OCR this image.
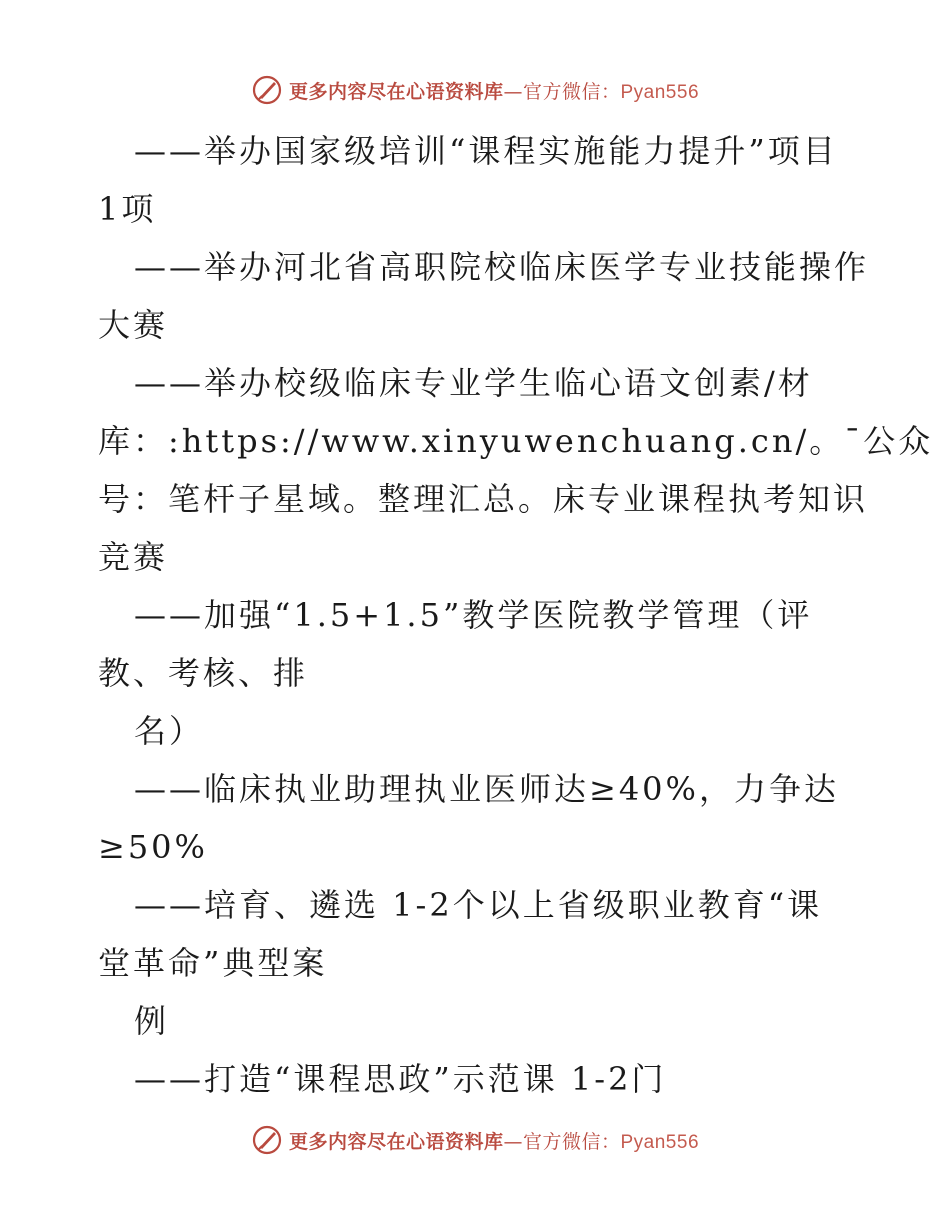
更多内容尽在心语资料库—官方微信：Pyan556
——举办国家级培训“课程实施能力提升”项目
1项
——举办河北省高职院校临床医学专业技能操作
大赛
——举办校级临床专业学生临心语文创素/材
库：:https://www.xinyuwenchuang.cn/。¯公众
号：笔杆子星域。整理汇总。床专业课程执考知识
竞赛
——加强“1.5+1.5”教学医院教学管理（评
教、考核、排
名）
——临床执业助理执业医师达≥40%，力争达
≥50%
——培育、遴选 1-2个以上省级职业教育“课
堂革命”典型案
例
——打造“课程思政”示范课 1-2门
更多内容尽在心语资料库—官方微信：Pyan556
